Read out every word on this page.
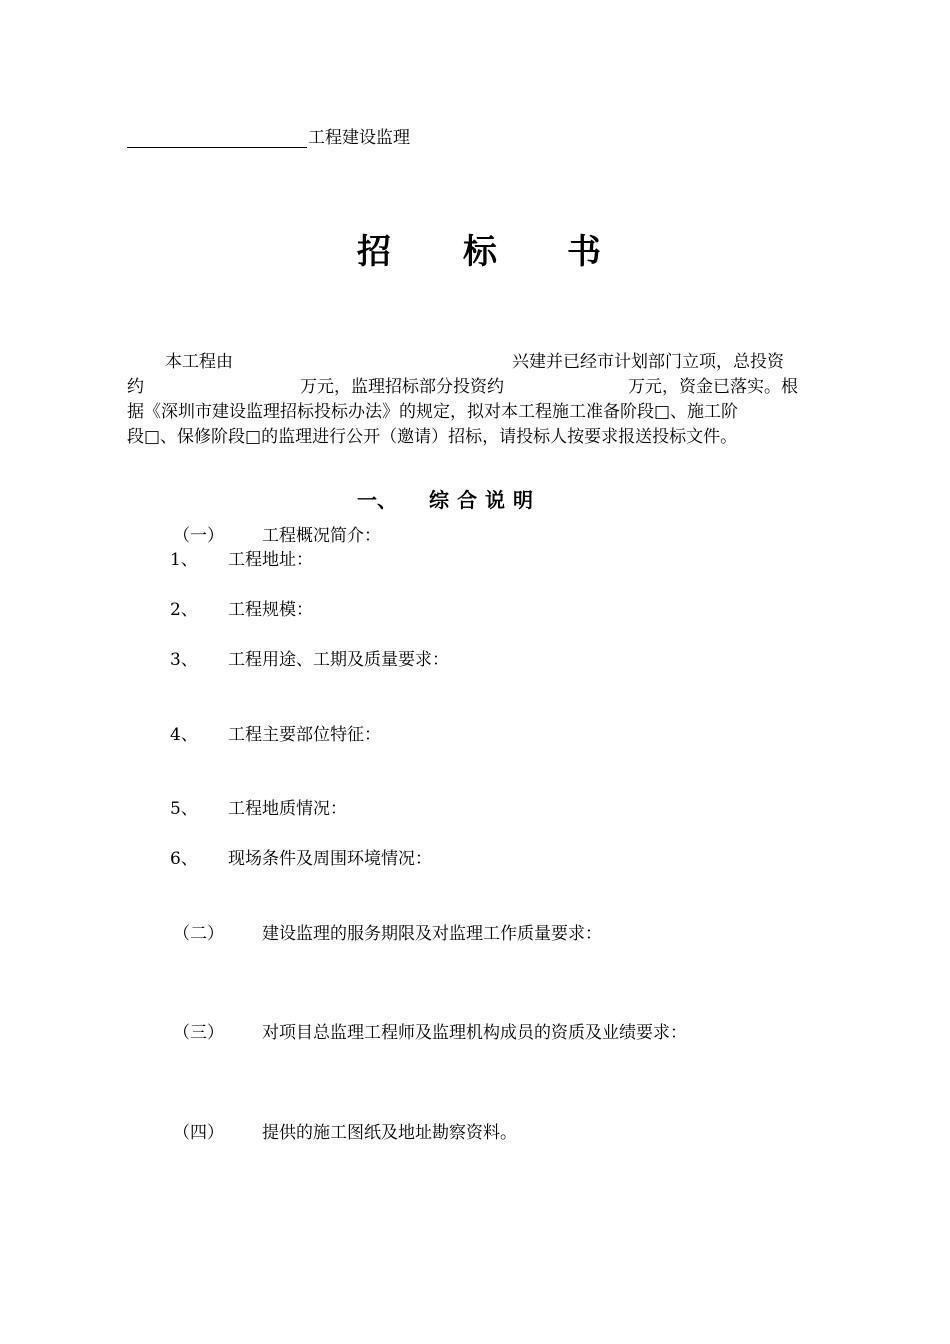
工程建设监理
招 标 书
本工程由	兴建并已经市计划部门立项，总投资
约	万元，监理招标部分投资约	万元，资金已落实。根
据《深圳市建设监理招标投标办法》的规定，拟对本工程施工准备阶段□、施工阶
段□、保修阶段□的监理进行公开（邀请）招标，请投标人按要求报送投标文件。
一、 综 合 说 明
（一） 工程概况简介：
1、 工程地址：
2、 工程规模：
3、 工程用途、工期及质量要求：
4、 工程主要部位特征：
5、 工程地质情况：
6、 现场条件及周围环境情况：
（二） 建设监理的服务期限及对监理工作质量要求：
（三） 对项目总监理工程师及监理机构成员的资质及业绩要求：
（四） 提供的施工图纸及地址勘察资料。
